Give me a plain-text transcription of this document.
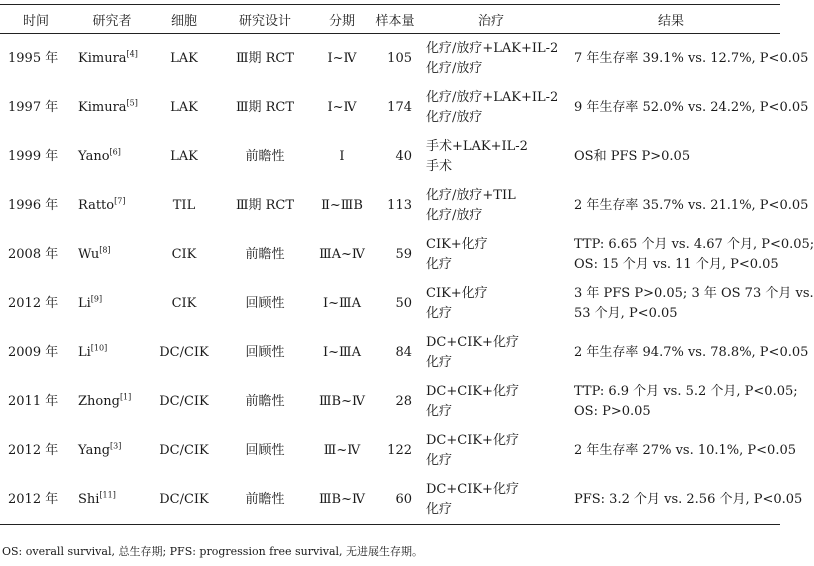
时间	研究者	细胞	研究设计	分期	样本量	治疗	结果
1995 年	Kimura[4]	LAK	Ⅲ期 RCT	Ⅰ~Ⅳ	105	化疗/放疗+LAK+IL-2
化疗/放疗	7 年生存率 39.1% vs. 12.7%, P<0.05

1997 年	Kimura[5]	LAK	Ⅲ期 RCT	Ⅰ~Ⅳ	174	化疗/放疗+LAK+IL-2
化疗/放疗	9 年生存率 52.0% vs. 24.2%, P<0.05

1999 年	Yano[6]	LAK	前瞻性	Ⅰ	40	手术+LAK+IL-2
手术	OS和 PFS P>0.05

1996 年	Ratto[7]	TIL	Ⅲ期 RCT	Ⅱ~ⅢB	113	化疗/放疗+TIL
化疗/放疗	2 年生存率 35.7% vs. 21.1%, P<0.05

2008 年	Wu[8]	CIK	前瞻性	ⅢA~Ⅳ	59	CIK+化疗
化疗	TTP: 6.65 个月 vs. 4.67 个月, P<0.05;
OS: 15 个月 vs. 11 个月, P<0.05

2012 年	Li[9]	CIK	回顾性	Ⅰ~ⅢA	50	CIK+化疗
化疗	3 年 PFS P>0.05; 3 年 OS 73 个月 vs.
53 个月, P<0.05

2009 年	Li[10]	DC/CIK	回顾性	Ⅰ~ⅢA	84	DC+CIK+化疗
化疗	2 年生存率 94.7% vs. 78.8%, P<0.05

2011 年	Zhong[1]	DC/CIK	前瞻性	ⅢB~Ⅳ	28	DC+CIK+化疗
化疗	TTP: 6.9 个月 vs. 5.2 个月, P<0.05;
OS: P>0.05

2012 年	Yang[3]	DC/CIK	回顾性	Ⅲ~Ⅳ	122	DC+CIK+化疗
化疗	2 年生存率 27% vs. 10.1%, P<0.05

2012 年	Shi[11]	DC/CIK	前瞻性	ⅢB~Ⅳ	60	DC+CIK+化疗
化疗	PFS: 3.2 个月 vs. 2.56 个月, P<0.05
OS: overall survival, 总生存期; PFS: progression free survival, 无进展生存期。
